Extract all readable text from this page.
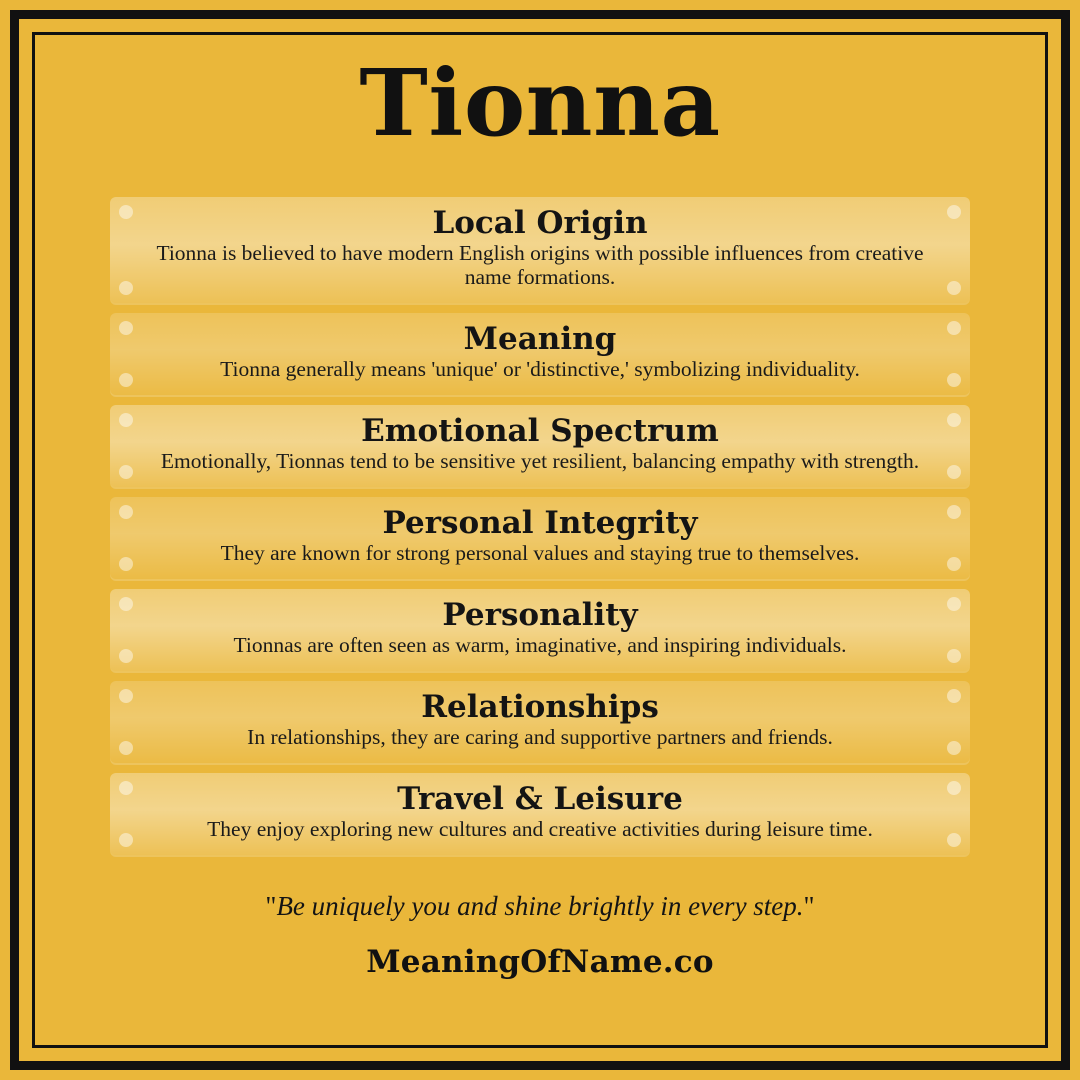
Tionna

Local Origin

Tionna is believed to have modern English origins with possible influences from creative name formations.

Meaning

Tionna generally means 'unique' or 'distinctive,' symbolizing individuality.

Emotional Spectrum

Emotionally, Tionnas tend to be sensitive yet resilient, balancing empathy with strength.

Personal Integrity

They are known for strong personal values and staying true to themselves.

Personality

Tionnas are often seen as warm, imaginative, and inspiring individuals.

Relationships

In relationships, they are caring and supportive partners and friends.

Travel & Leisure

They enjoy exploring new cultures and creative activities during leisure time.

"Be uniquely you and shine brightly in every step."

MeaningOfName.co
